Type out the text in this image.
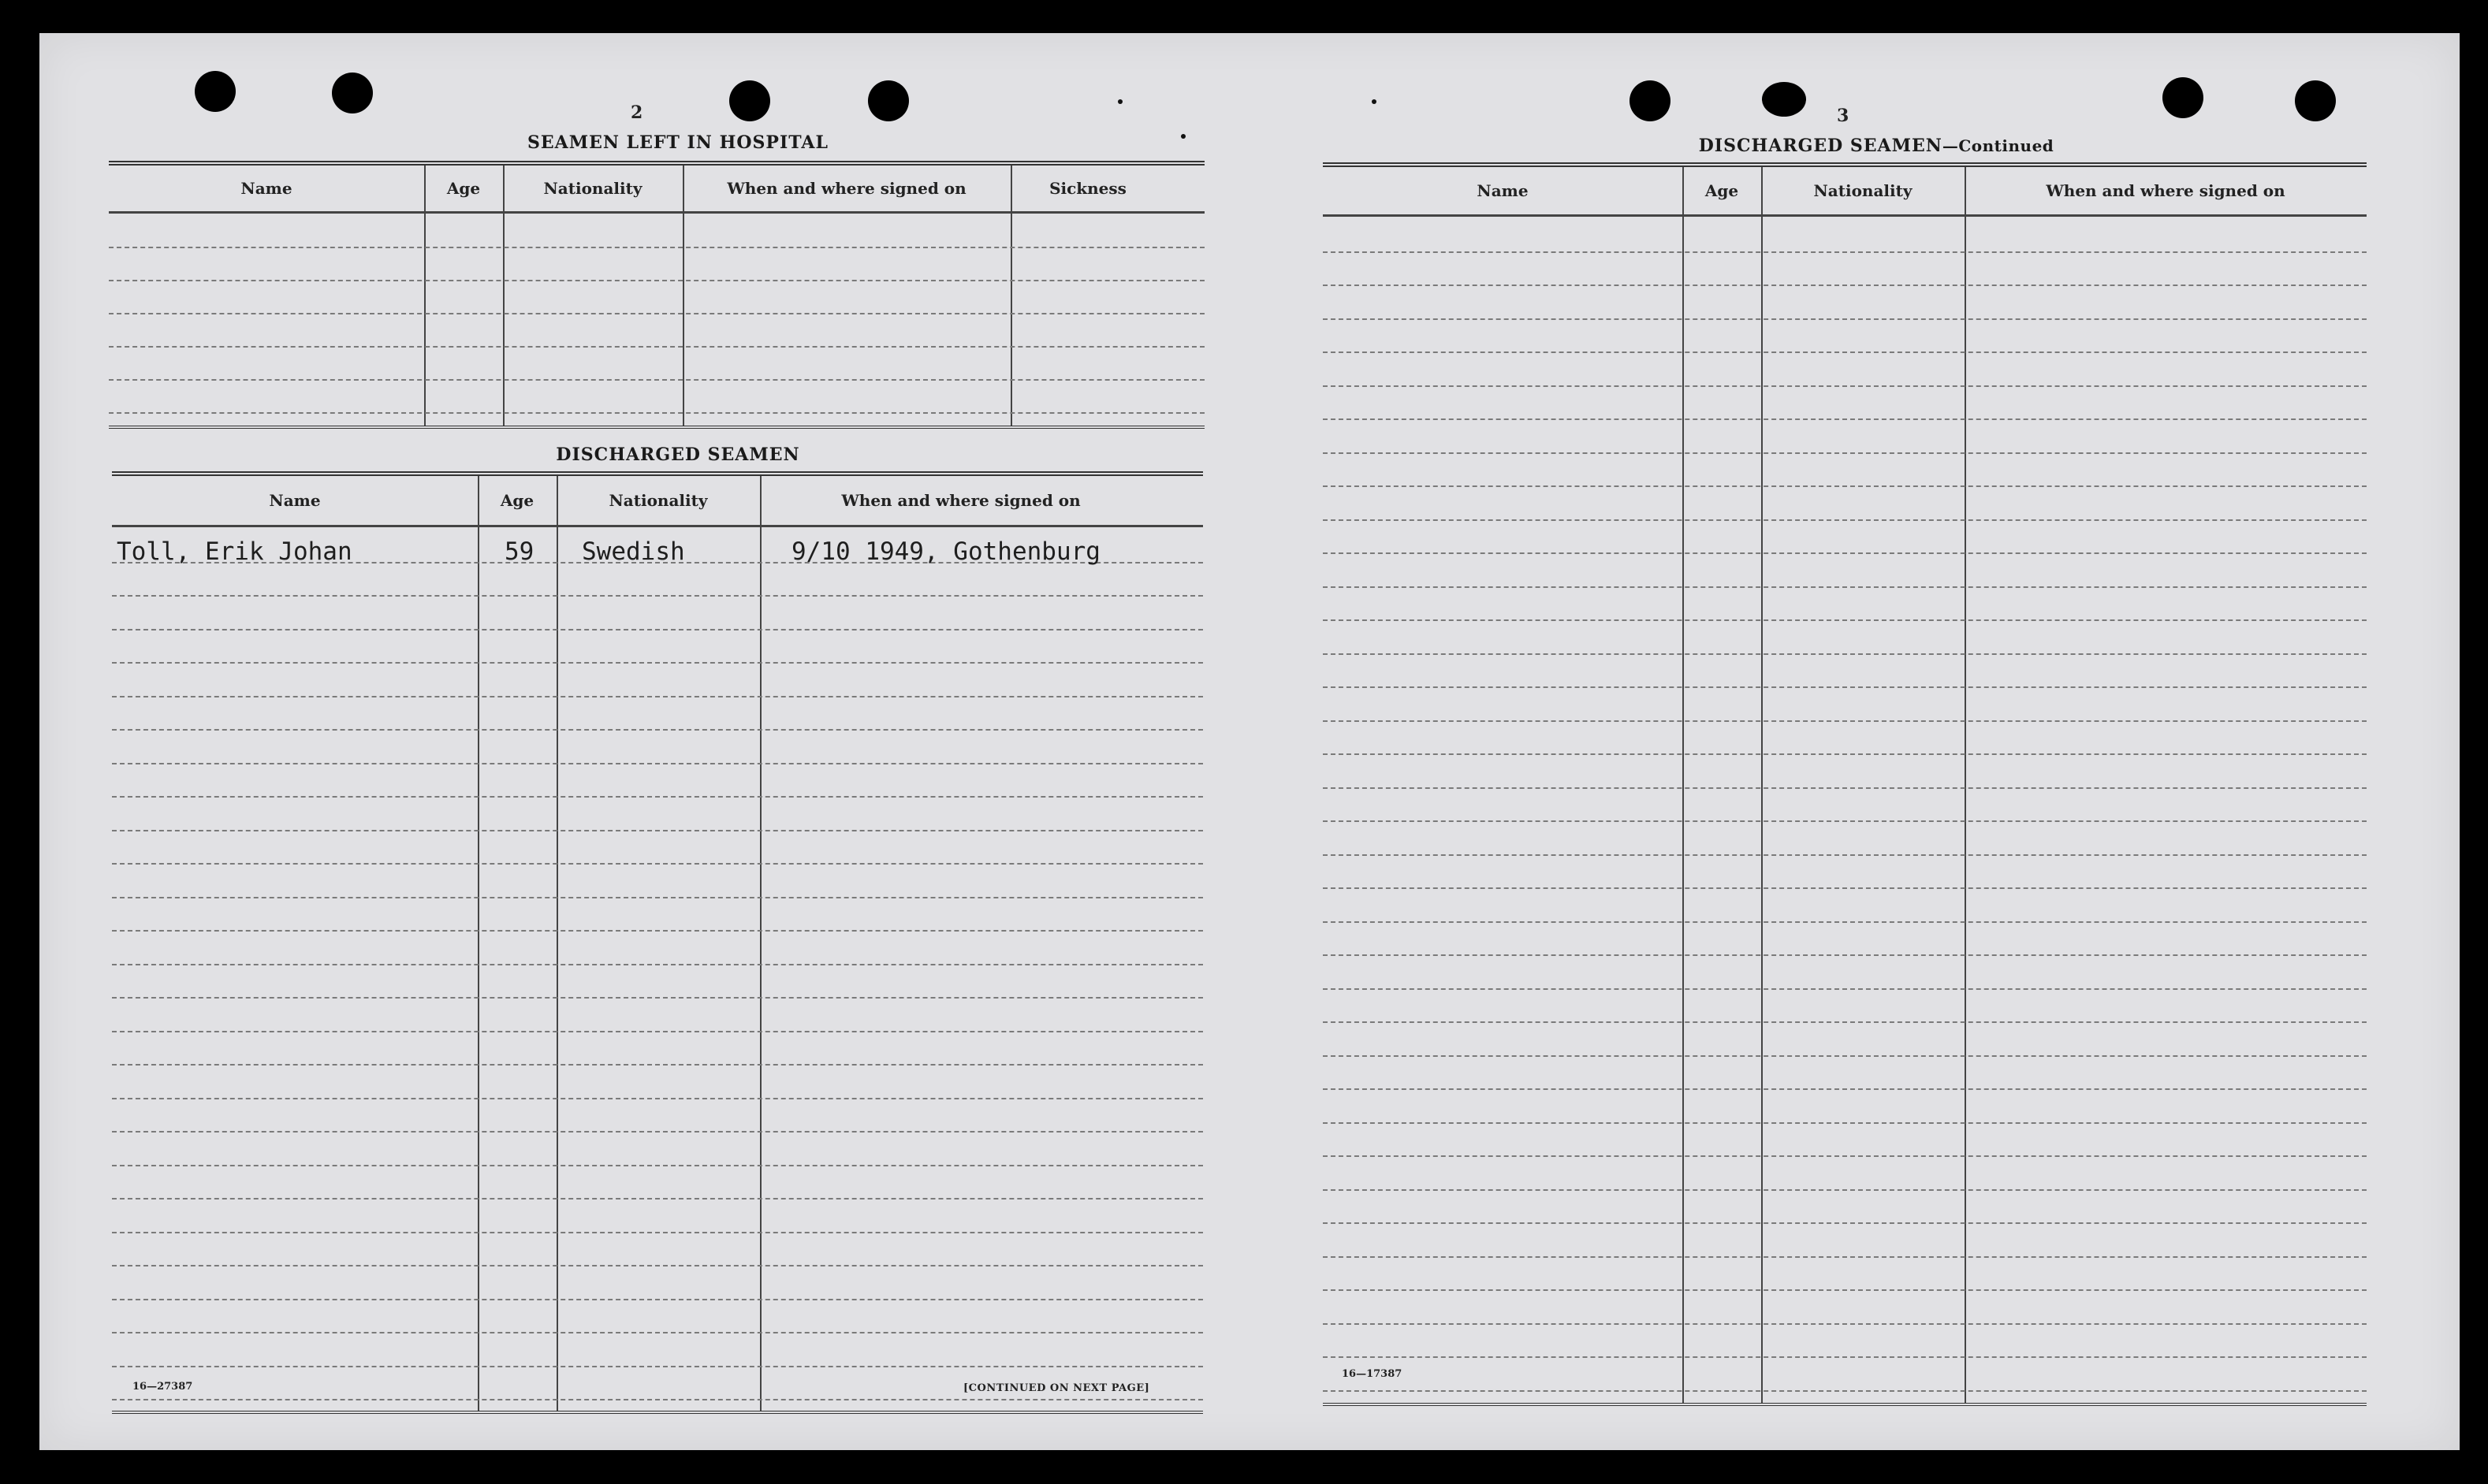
2
SEAMEN LEFT IN HOSPITAL
Name	Age	Nationality	When and where signed on	Sickness
DISCHARGED SEAMEN
Name	Age	Nationality	When and where signed on
Toll, Erik Johan	59 Swedish	9/10 1949, Gothenburg
16—27387	[CONTINUED ON NEXT PAGE]
3
DISCHARGED SEAMEN—Continued
Name	Age	Nationality	When and where signed on
16—17387
